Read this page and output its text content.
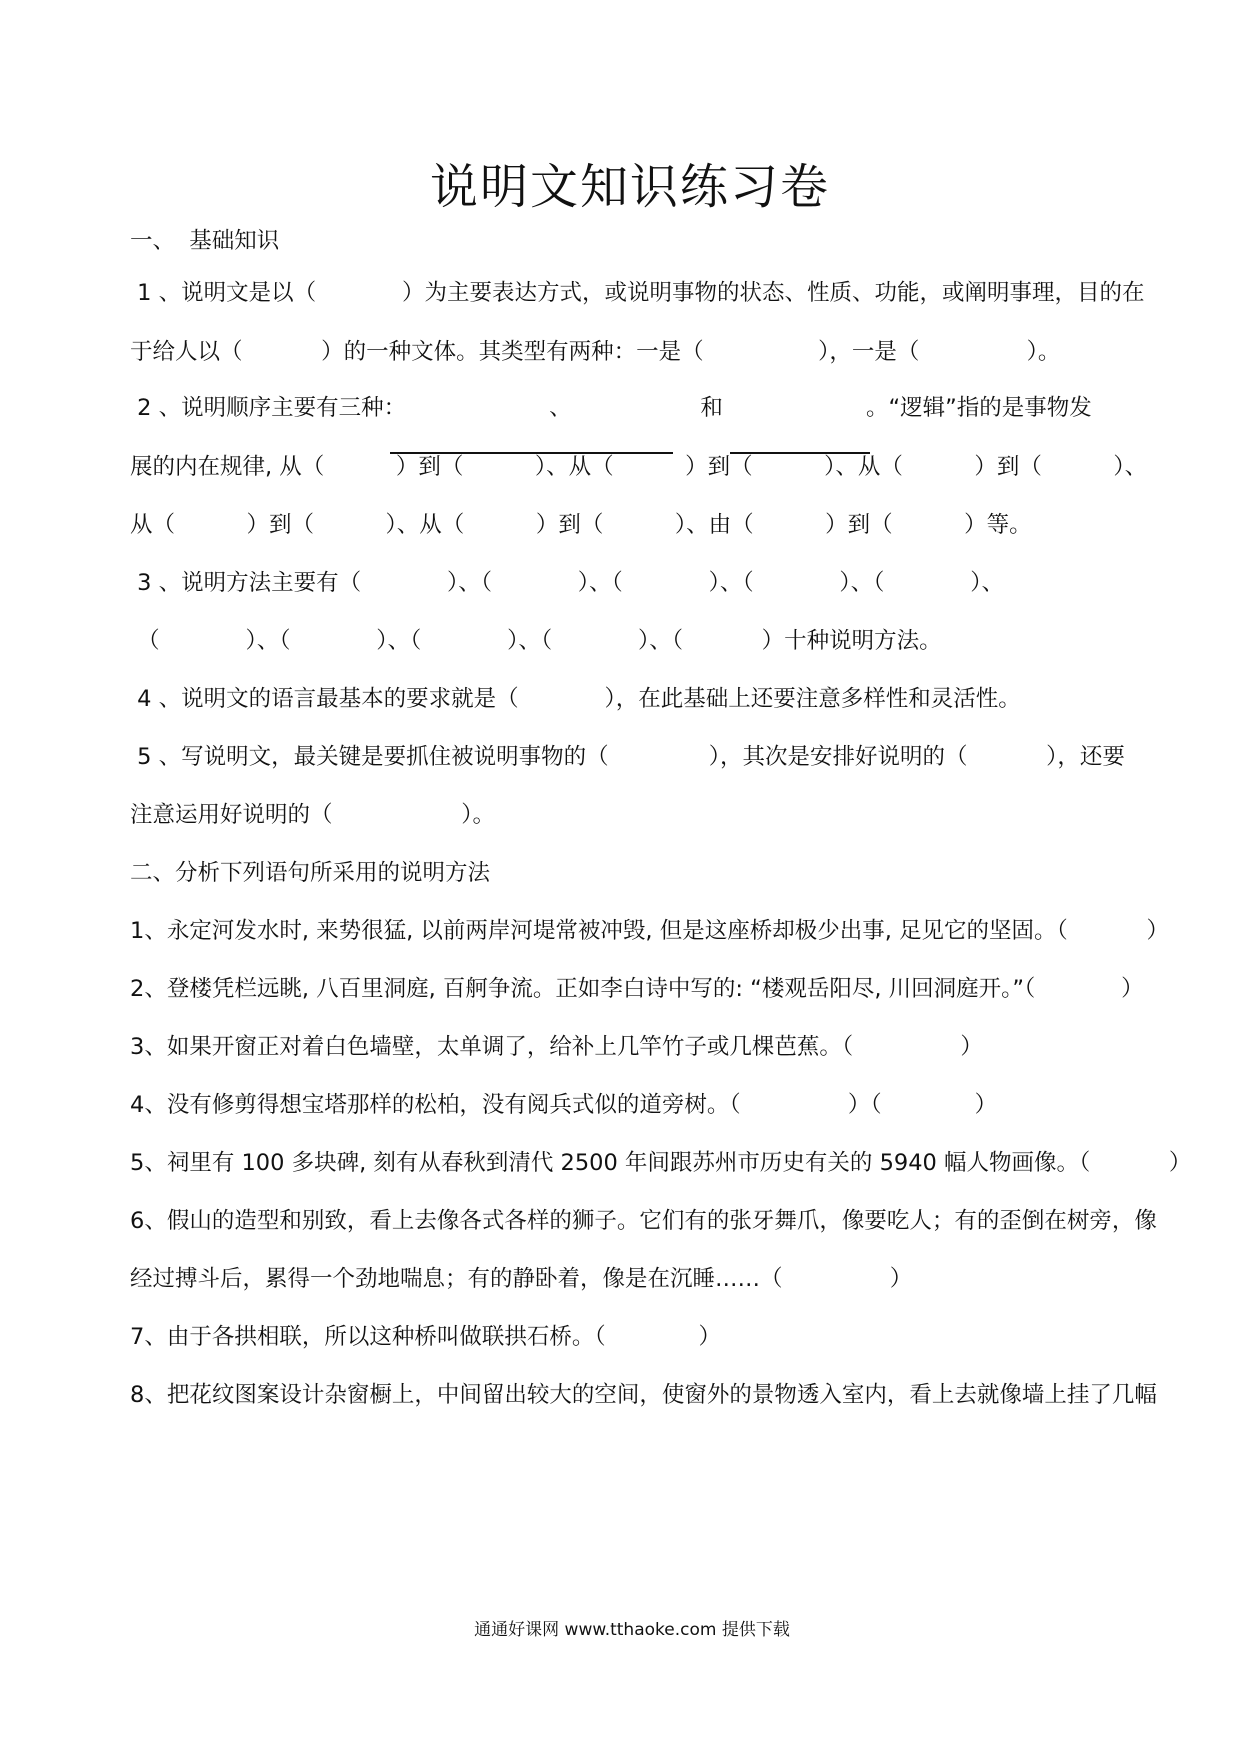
说明文知识练习卷
一、  基础知识
1 、说明文是以（            ）为主要表达方式，或说明事物的状态、性质、功能，或阐明事理，目的在
于给人以（           ）的一种文体。其类型有两种：一是（                ），一是（               ）。
2 、说明顺序主要有三种：                    、                  和                    。“逻辑”指的是事物发
展的内在规律, 从（          ）到（          ）、从（          ）到（          ）、从（          ）到（          ）、
从（          ）到（          ）、从（          ）到（          ）、由（          ）到（          ）等。
3 、说明方法主要有（            ）、（            ）、（            ）、（            ）、（            ）、
（            ）、（            ）、（            ）、（            ）、（           ）十种说明方法。
4 、说明文的语言最基本的要求就是（            ），在此基础上还要注意多样性和灵活性。
5 、写说明文，最关键是要抓住被说明事物的（              ），其次是安排好说明的（           ），还要
注意运用好说明的（                  ）。
二、分析下列语句所采用的说明方法
1、永定河发水时, 来势很猛, 以前两岸河堤常被冲毁, 但是这座桥却极少出事, 足见它的坚固。（           ）
2、登楼凭栏远眺, 八百里洞庭, 百舸争流。正如李白诗中写的: “楼观岳阳尽, 川回洞庭开。”（            ）
3、如果开窗正对着白色墙壁，太单调了，给补上几竿竹子或几棵芭蕉。（               ）
4、没有修剪得想宝塔那样的松柏，没有阅兵式似的道旁树。（               ）（             ）
5、祠里有 100 多块碑, 刻有从春秋到清代 2500 年间跟苏州市历史有关的 5940 幅人物画像。（           ）
6、假山的造型和别致，看上去像各式各样的狮子。它们有的张牙舞爪，像要吃人；有的歪倒在树旁，像
经过搏斗后，累得一个劲地喘息；有的静卧着，像是在沉睡……（               ）
7、由于各拱相联，所以这种桥叫做联拱石桥。（             ）
8、把花纹图案设计杂窗橱上，中间留出较大的空间，使窗外的景物透入室内，看上去就像墙上挂了几幅
通通好课网 www.tthaoke.com 提供下载
